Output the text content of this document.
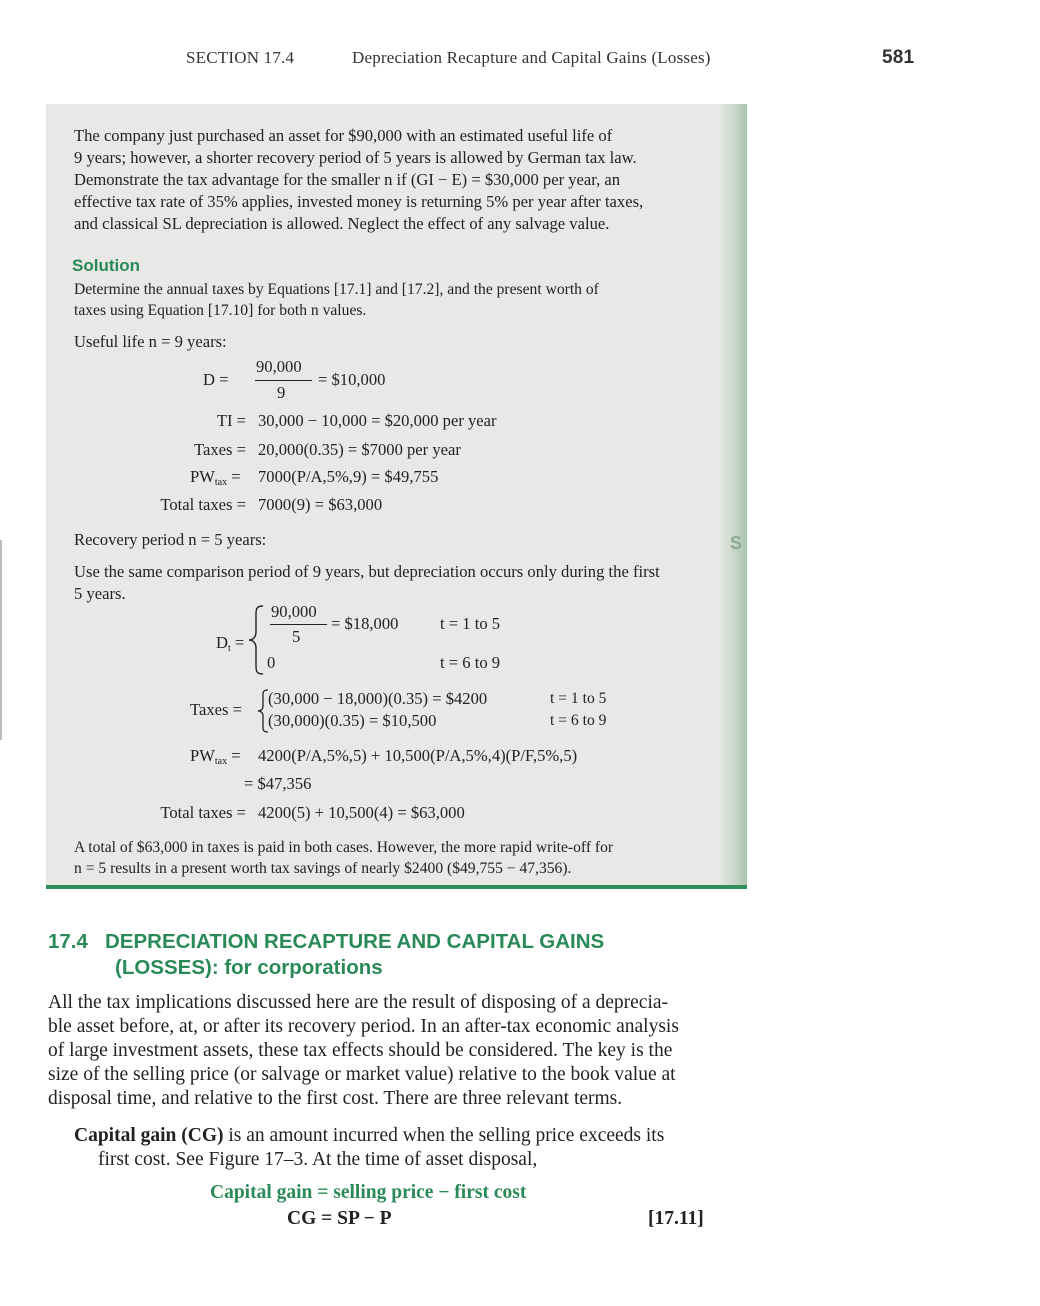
SECTION 17.4	Depreciation Recapture and Capital Gains (Losses)	581
S
The company just purchased an asset for $90,000 with an estimated useful life of
9 years; however, a shorter recovery period of 5 years is allowed by German tax law.
Demonstrate the tax advantage for the smaller n if (GI − E) = $30,000 per year, an
effective tax rate of 35% applies, invested money is returning 5% per year after taxes,
and classical SL depreciation is allowed. Neglect the effect of any salvage value.
Solution
Determine the annual taxes by Equations [17.1] and [17.2], and the present worth of
taxes using Equation [17.10] for both n values.
Useful life n = 9 years:
D =
90,000
9
= $10,000
TI = 30,000 − 10,000 = $20,000 per year
Taxes = 20,000(0.35) = $7000 per year
$PW_{tax} = 7000(P/A,5\%,9)$ = $49,755
Total taxes = 7000(9) = $63,000
Recovery period n = 5 years:
Use the same comparison period of 9 years, but depreciation occurs only during the first
5 years.
$D_t$ =
90,000
5
= $18,000	t = 1 to 5
0	t = 6 to 9
Taxes =
(30,000 − 18,000)(0.35) = $4200	t = 1 to 5
(30,000)(0.35) = $10,500	t = 6 to 9
$PW_{tax} = 4200(P/A,5\%,5) + 10,500(P/A,5\%,4)(P/F,5\%,5)$
= $47,356
Total taxes = 4200(5) + 10,500(4) = $63,000
A total of $63,000 in taxes is paid in both cases. However, the more rapid write-off for
n = 5 results in a present worth tax savings of nearly $2400 ($49,755 − 47,356).
17.4   DEPRECIATION RECAPTURE AND CAPITAL GAINS
(LOSSES): for corporations
All the tax implications discussed here are the result of disposing of a deprecia-
ble asset before, at, or after its recovery period. In an after-tax economic analysis
of large investment assets, these tax effects should be considered. The key is the
size of the selling price (or salvage or market value) relative to the book value at
disposal time, and relative to the first cost. There are three relevant terms.
Capital gain (CG) is an amount incurred when the selling price exceeds its
first cost. See Figure 17–3. At the time of asset disposal,
Capital gain = selling price − first cost
CG = SP − P	[17.11]
